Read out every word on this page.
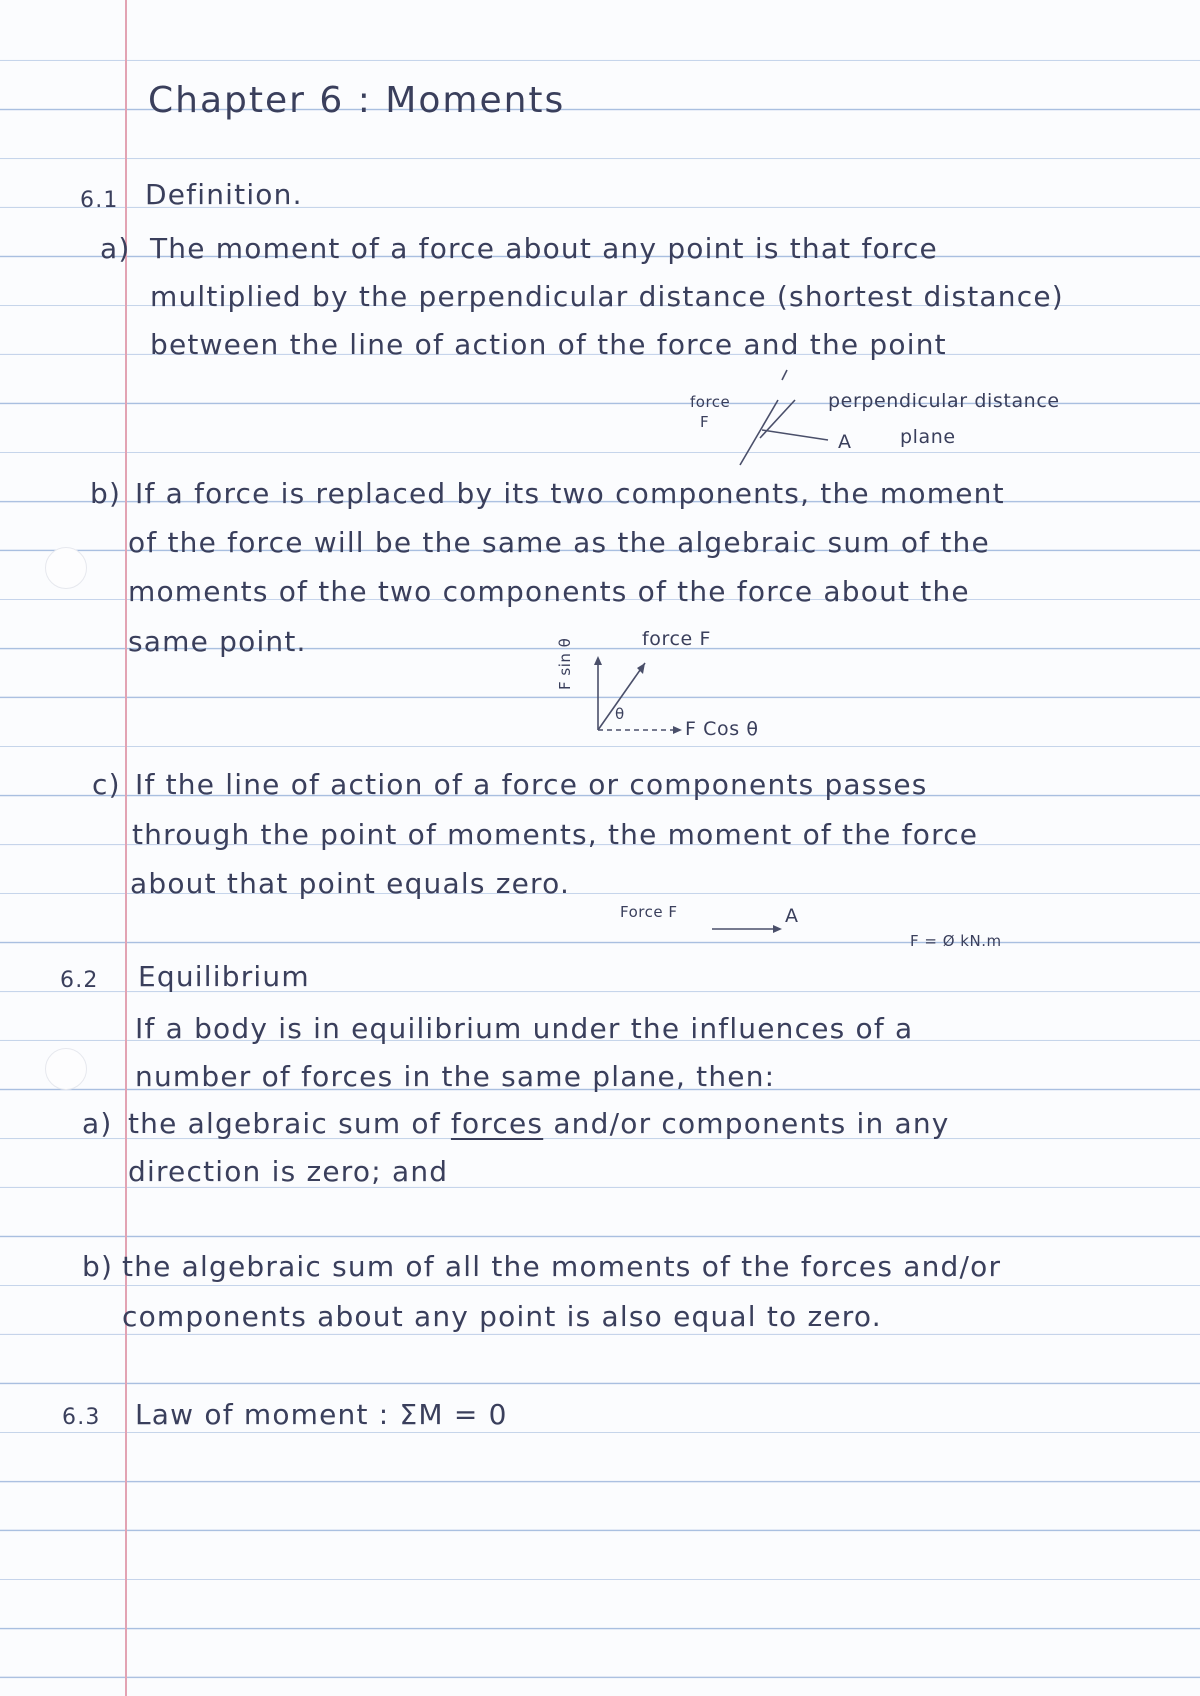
Chapter 6 : Moments
6.1 Definition.
a) The moment of a force about any point is that force

multiplied by the perpendicular distance (shortest distance)

between the line of action of the force and the point

force
F
perpendicular distance
A	plane
b) If a force is replaced by its two components, the moment

of the force will be the same as the algebraic sum of the

moments of the two components of the force about the

same point.	force F
F sin θ
θ
F Cos θ
c) If the line of action of a force or components passes

through the point of moments, the moment of the force

about that point equals zero.

Force F	A
F = Ø kN.m
6.2 Equilibrium

If a body is in equilibrium under the influences of a

number of forces in the same plane, then:

a) the algebraic sum of forces and/or components in any

direction is zero; and

b) the algebraic sum of all the moments of the forces and/or

components about any point is also equal to zero.

6.3 Law of moment : ΣM = 0
